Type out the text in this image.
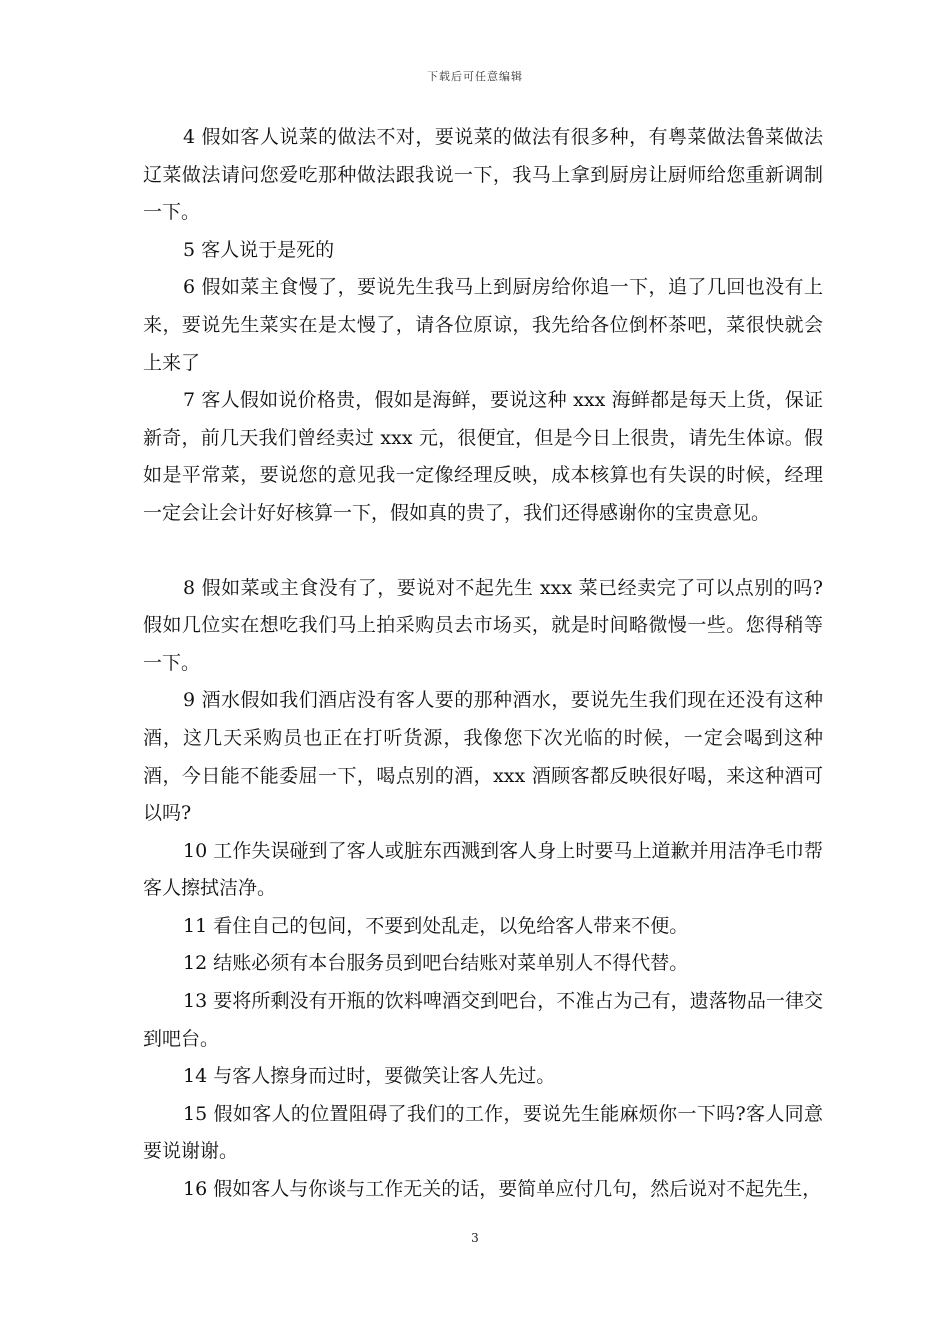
下载后可任意编辑

4 假如客人说菜的做法不对，要说菜的做法有很多种，有粤菜做法鲁菜做法辽菜做法请问您爱吃那种做法跟我说一下，我马上拿到厨房让厨师给您重新调制一下。

5 客人说于是死的

6 假如菜主食慢了，要说先生我马上到厨房给你追一下，追了几回也没有上来，要说先生菜实在是太慢了，请各位原谅，我先给各位倒杯茶吧，菜很快就会上来了

7 客人假如说价格贵，假如是海鲜，要说这种 xxx 海鲜都是每天上货，保证新奇，前几天我们曾经卖过 xxx 元，很便宜，但是今日上很贵，请先生体谅。假如是平常菜，要说您的意见我一定像经理反映，成本核算也有失误的时候，经理一定会让会计好好核算一下，假如真的贵了，我们还得感谢你的宝贵意见。

8 假如菜或主食没有了，要说对不起先生 xxx 菜已经卖完了可以点别的吗?假如几位实在想吃我们马上拍采购员去市场买，就是时间略微慢一些。您得稍等一下。

9 酒水假如我们酒店没有客人要的那种酒水，要说先生我们现在还没有这种酒，这几天采购员也正在打听货源，我像您下次光临的时候，一定会喝到这种酒，今日能不能委屈一下，喝点别的酒，xxx 酒顾客都反映很好喝，来这种酒可以吗?

10 工作失误碰到了客人或脏东西溅到客人身上时要马上道歉并用洁净毛巾帮客人擦拭洁净。

11 看住自己的包间，不要到处乱走，以免给客人带来不便。

12 结账必须有本台服务员到吧台结账对菜单别人不得代替。

13 要将所剩没有开瓶的饮料啤酒交到吧台，不准占为己有，遗落物品一律交到吧台。

14 与客人擦身而过时，要微笑让客人先过。

15 假如客人的位置阻碍了我们的工作，要说先生能麻烦你一下吗?客人同意要说谢谢。

16 假如客人与你谈与工作无关的话，要简单应付几句，然后说对不起先生，

3
